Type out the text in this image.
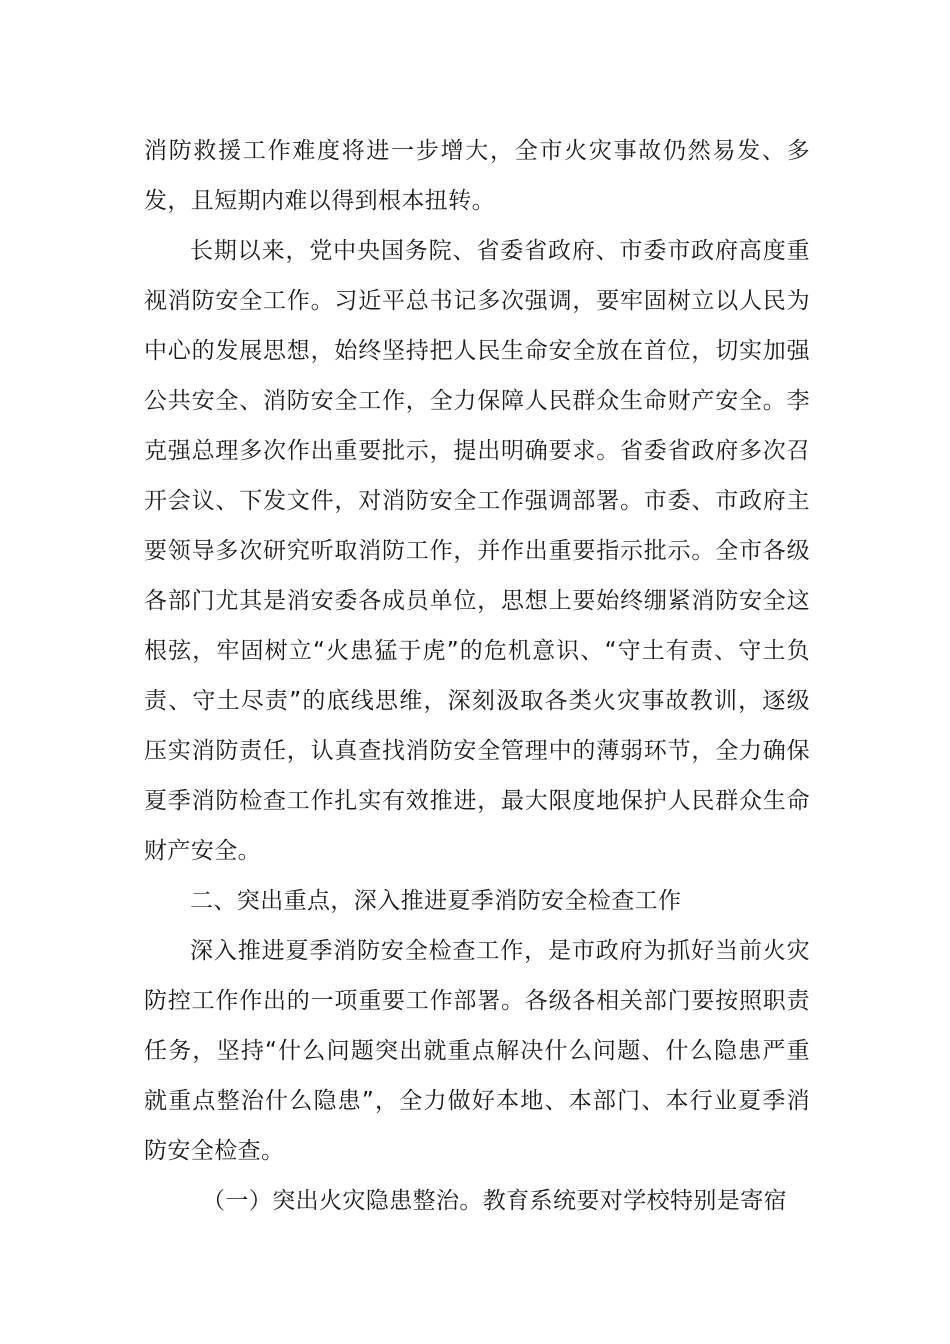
消防救援工作难度将进一步增大，全市火灾事故仍然易发、多发，且短期内难以得到根本扭转。

长期以来，党中央国务院、省委省政府、市委市政府高度重视消防安全工作。习近平总书记多次强调，要牢固树立以人民为中心的发展思想，始终坚持把人民生命安全放在首位，切实加强公共安全、消防安全工作，全力保障人民群众生命财产安全。李克强总理多次作出重要批示，提出明确要求。省委省政府多次召开会议、下发文件，对消防安全工作强调部署。市委、市政府主要领导多次研究听取消防工作，并作出重要指示批示。全市各级各部门尤其是消安委各成员单位，思想上要始终绷紧消防安全这根弦，牢固树立“火患猛于虎”的危机意识、“守土有责、守土负责、守土尽责”的底线思维，深刻汲取各类火灾事故教训，逐级压实消防责任，认真查找消防安全管理中的薄弱环节，全力确保夏季消防检查工作扎实有效推进，最大限度地保护人民群众生命财产安全。

二、突出重点，深入推进夏季消防安全检查工作

深入推进夏季消防安全检查工作，是市政府为抓好当前火灾防控工作作出的一项重要工作部署。各级各相关部门要按照职责任务，坚持“什么问题突出就重点解决什么问题、什么隐患严重就重点整治什么隐患”，全力做好本地、本部门、本行业夏季消防安全检查。

（一）突出火灾隐患整治。教育系统要对学校特别是寄宿
